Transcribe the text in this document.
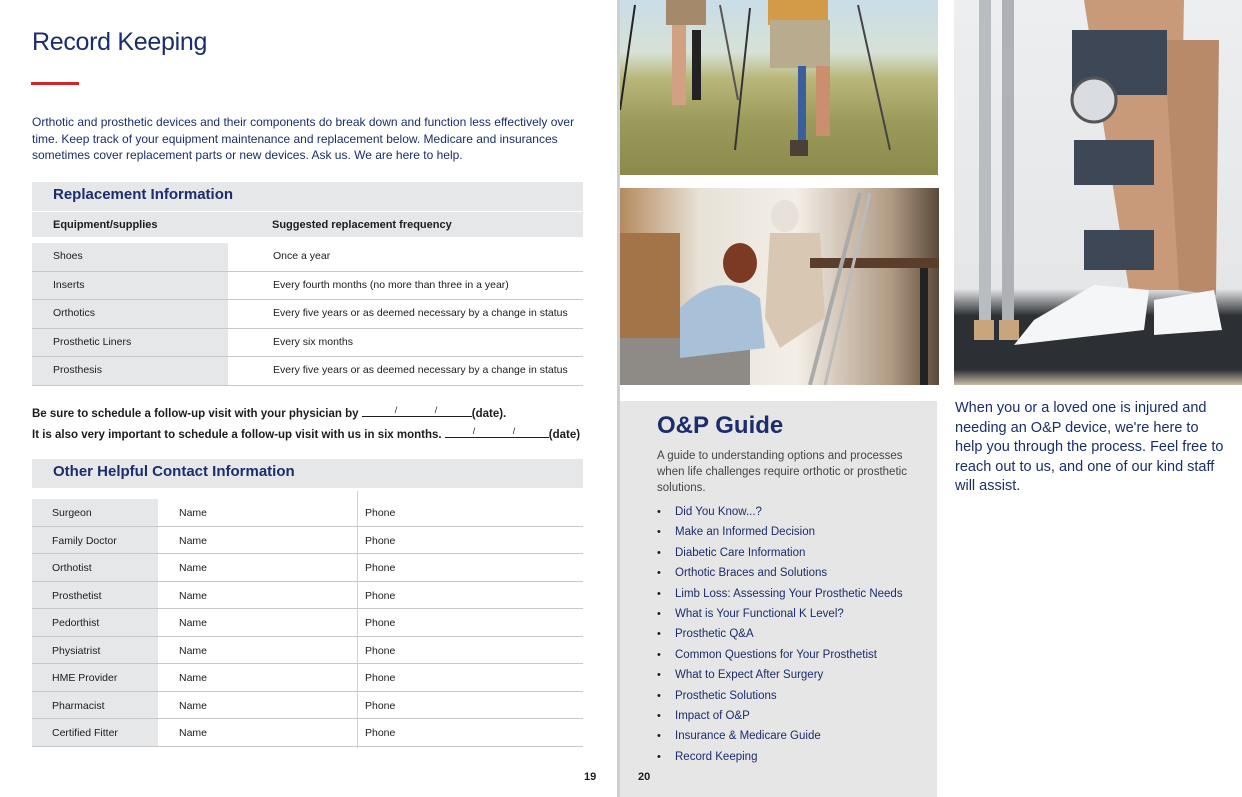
Record Keeping

Orthotic and prosthetic devices and their components do break down and function less effectively over time. Keep track of your equipment maintenance and replacement below. Medicare and insurances sometimes cover replacement parts or new devices. Ask us. We are here to help.

Replacement Information
Equipment/supplies	Suggested replacement frequency
Shoes	Once a year
Inserts	Every fourth months (no more than three in a year)
Orthotics	Every five years or as deemed necessary by a change in status
Prosthetic Liners	Every six months
Prosthesis	Every five years or as deemed necessary by a change in status
Be sure to schedule a follow-up visit with your physician by	/	/	(date).
It is also very important to schedule a follow-up visit with us in six months.	/	/	(date)
Other Helpful Contact Information
Surgeon	Name	Phone
Family Doctor	Name	Phone
Orthotist	Name	Phone
Prosthetist	Name	Phone
Pedorthist	Name	Phone
Physiatrist	Name	Phone
HME Provider	Name	Phone
Pharmacist	Name	Phone
Certified Fitter	Name	Phone
19
O&P Guide

A guide to understanding options and processes when life challenges require orthotic or prosthetic solutions.

• Did You Know...?
• Make an Informed Decision
• Diabetic Care Information
• Orthotic Braces and Solutions
• Limb Loss: Assessing Your Prosthetic Needs
• What is Your Functional K Level?
• Prosthetic Q&A
• Common Questions for Your Prosthetist
• What to Expect After Surgery
• Prosthetic Solutions
• Impact of O&P
• Insurance & Medicare Guide
• Record Keeping
20

When you or a loved one is injured and needing an O&P device, we're here to help you through the process. Feel free to reach out to us, and one of our kind staff will assist.
